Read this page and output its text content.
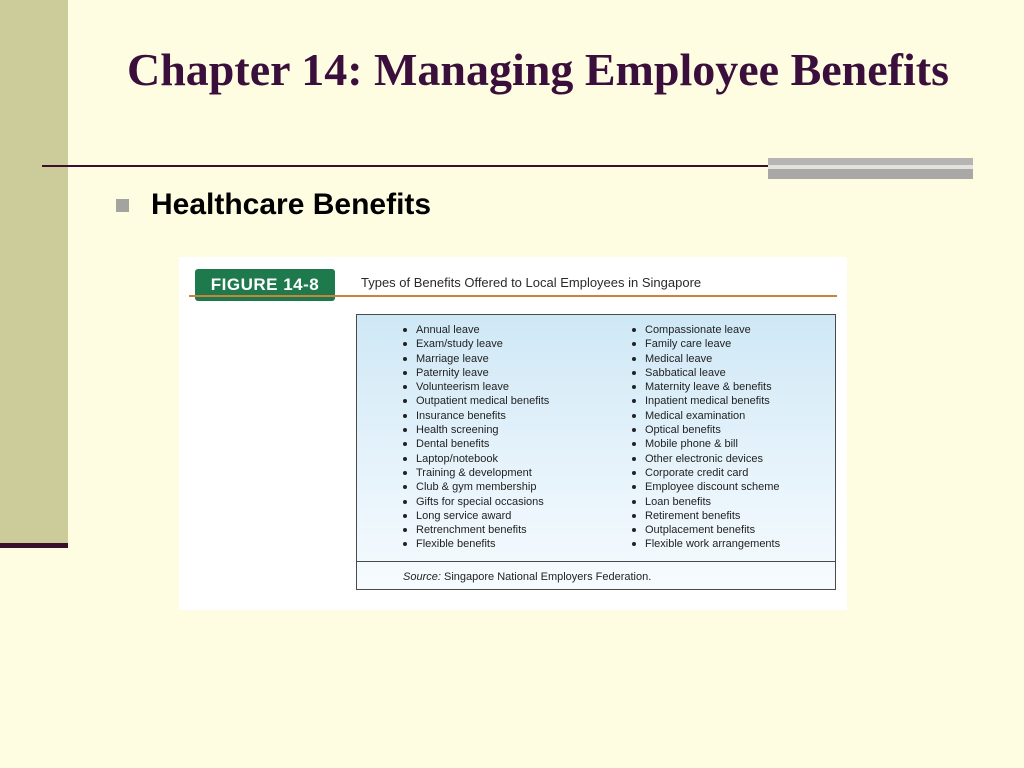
Chapter 14: Managing Employee Benefits
Healthcare Benefits
FIGURE 14-8	Types of Benefits Offered to Local Employees in Singapore
Annual leave
Exam/study leave
Marriage leave
Paternity leave
Volunteerism leave
Outpatient medical benefits
Insurance benefits
Health screening
Dental benefits
Laptop/notebook
Training & development
Club & gym membership
Gifts for special occasions
Long service award
Retrenchment benefits
Flexible benefits
Compassionate leave
Family care leave
Medical leave
Sabbatical leave
Maternity leave & benefits
Inpatient medical benefits
Medical examination
Optical benefits
Mobile phone & bill
Other electronic devices
Corporate credit card
Employee discount scheme
Loan benefits
Retirement benefits
Outplacement benefits
Flexible work arrangements
Source: Singapore National Employers Federation.
